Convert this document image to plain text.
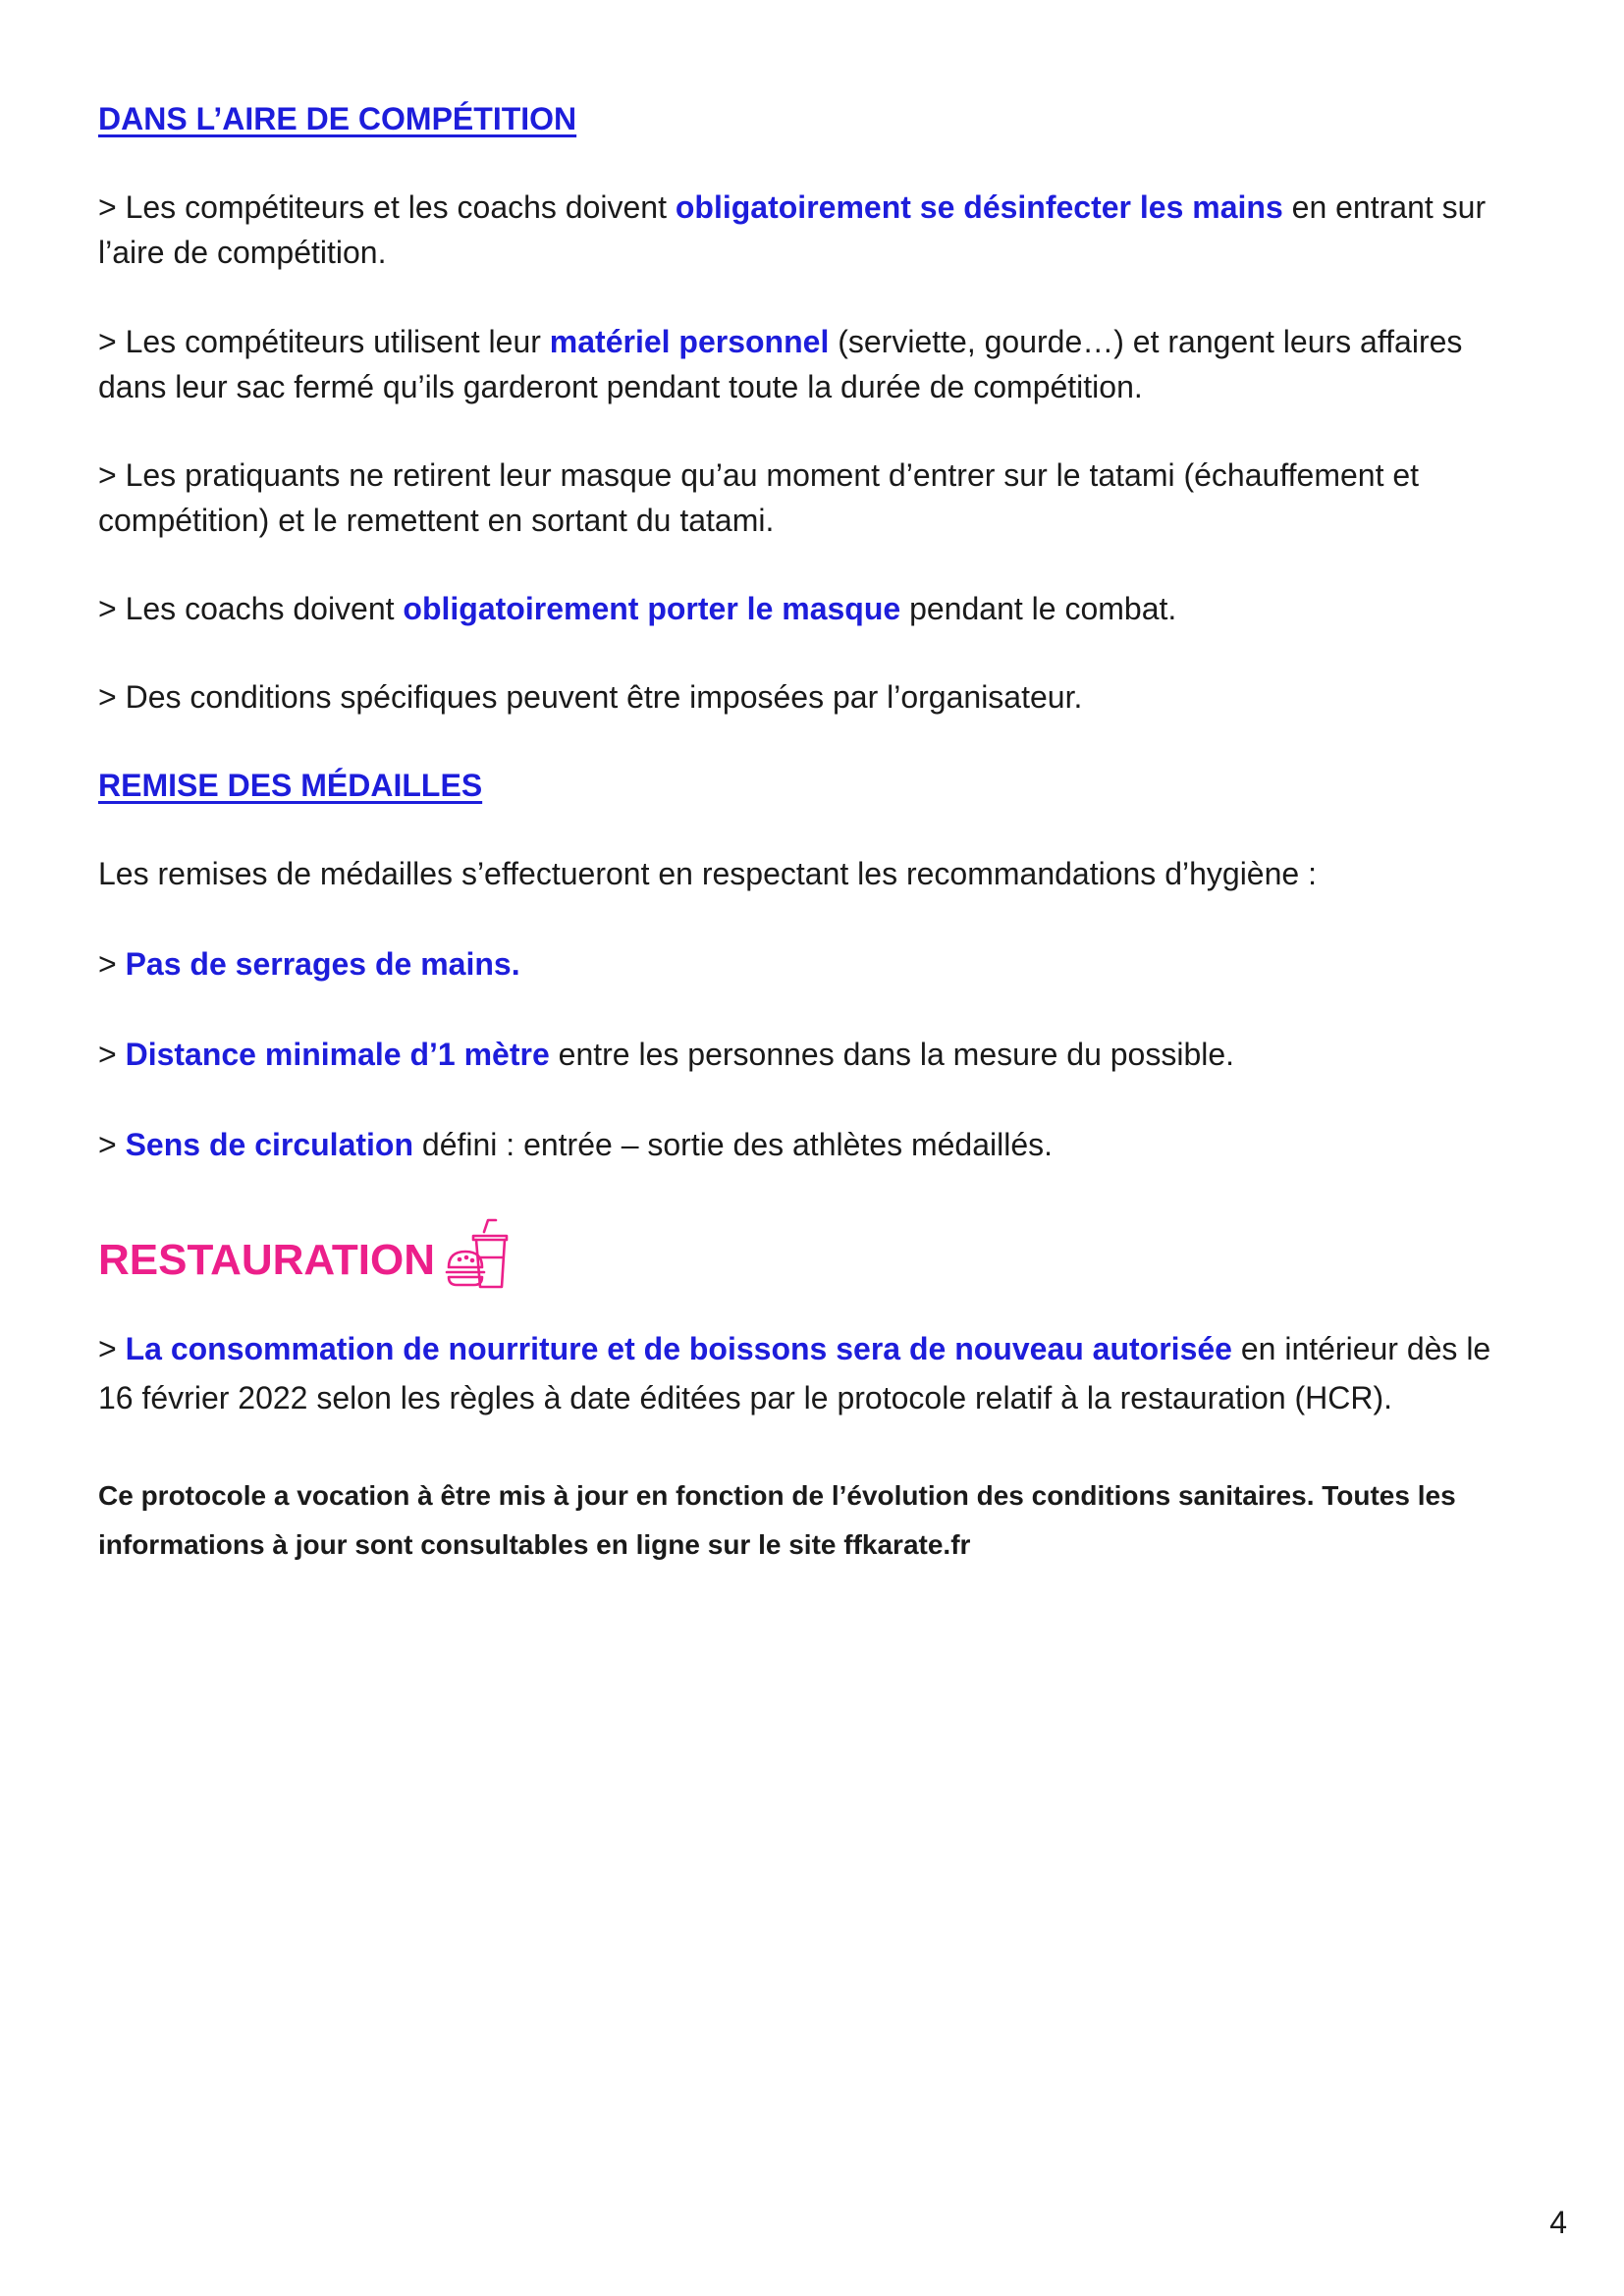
DANS L’AIRE DE COMPÉTITION

> Les compétiteurs et les coachs doivent obligatoirement se désinfecter les mains en entrant sur l’aire de compétition.

> Les compétiteurs utilisent leur matériel personnel (serviette, gourde…) et rangent leurs affaires dans leur sac fermé qu’ils garderont pendant toute la durée de compétition.

> Les pratiquants ne retirent leur masque qu’au moment d’entrer sur le tatami (échauffement et compétition) et le remettent en sortant du tatami.

> Les coachs doivent obligatoirement porter le masque pendant le combat.

> Des conditions spécifiques peuvent être imposées par l’organisateur.

REMISE DES MÉDAILLES

Les remises de médailles s’effectueront en respectant les recommandations d’hygiène :

> Pas de serrages de mains.

> Distance minimale d’1 mètre entre les personnes dans la mesure du possible.

> Sens de circulation défini : entrée – sortie des athlètes médaillés.

RESTAURATION

> La consommation de nourriture et de boissons sera de nouveau autorisée en intérieur dès le 16 février 2022 selon les règles à date éditées par le protocole relatif à la restauration (HCR).

Ce protocole a vocation à être mis à jour en fonction de l’évolution des conditions sanitaires. Toutes les informations à jour sont consultables en ligne sur le site ffkarate.fr

4
